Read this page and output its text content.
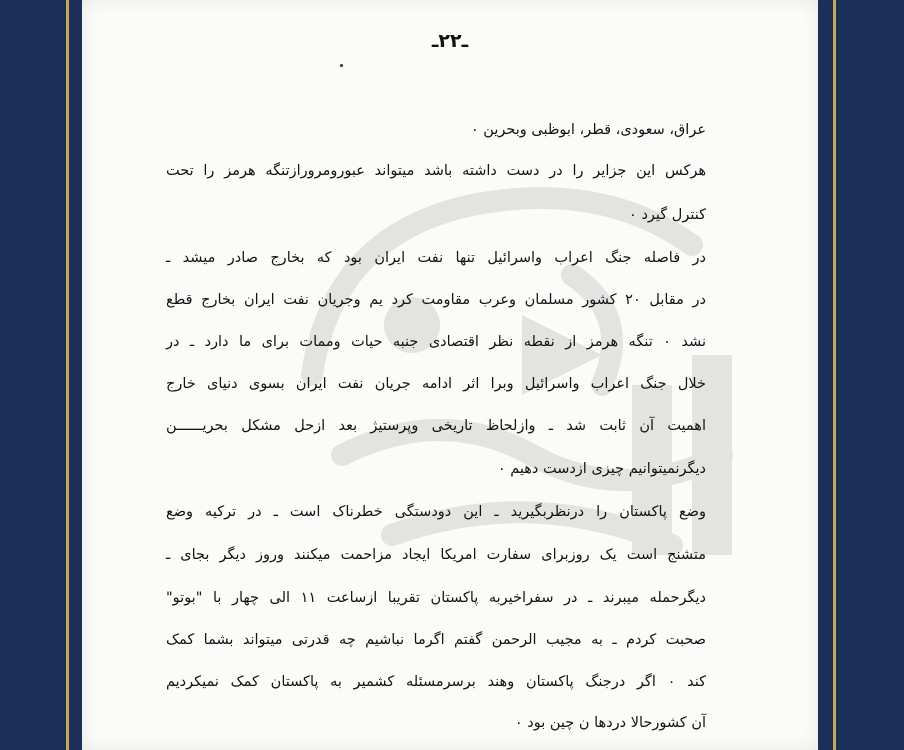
ـ۲۲ـ
عراق، سعودی، قطر، ابوظبی وبحرین ٠
هرکس این جزایر را در دست داشته باشد میتواند عبورومرورازتنگه هرمز را تحت
کنترل گیرد ٠
در فاصله جنگ اعراب واسرائیل تنها نفت ایران بود که بخارج صادر میشد ـ
در مقابل ۲۰ کشور مسلمان وعرب مقاومت کرد یم وجریان نفت ایران بخارج قطع
نشد ٠ تنگه هرمز از نقطه نظر اقتصادی جنبه حیات وممات برای ما دارد ـ در
خلال جنگ اعراب واسرائیل وبرا اثر ادامه جریان نفت ایران بسوی دنیای خارج
اهمیت آن ثابت شد ـ وازلحاظ تاریخی وپرستیژ بعد ازحل مشکل بحریــــــن
دیگرنمیتوانیم چیزی ازدست دهیم ٠
وضع پاکستان را درنظربگیرید ـ این دودستگی خطرناک است ـ در ترکیه وضع
متشنج است یک روزبرای سفارت امریکا ایجاد مزاحمت میکنند وروز دیگر بجای ـ
دیگرحمله میبرند ـ در سفراخیربه پاکستان تقریبا ازساعت ۱۱ الی چهار با "بوتو"
صحبت کردم ـ به مجیب الرحمن گفتم اگرما نباشیم چه قدرتی میتواند بشما کمک
کند ٠ اگر درجنگ پاکستان وهند برسرمسئله کشمیر به پاکستان کمک نمیکردیم
آن کشورحالا دردها ن چین بود ٠
